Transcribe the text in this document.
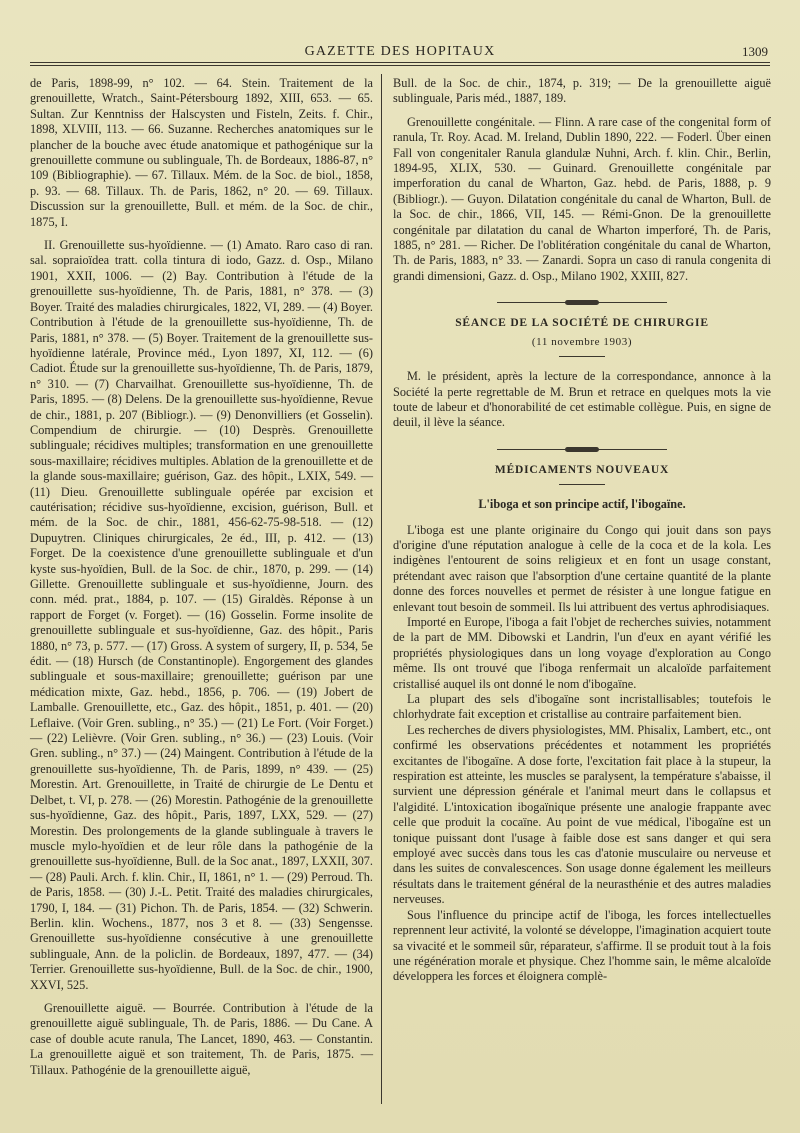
GAZETTE DES HOPITAUX	1309

de Paris, 1898-99, n° 102. — 64. Stein. Traitement de la grenouillette, Wratch., Saint-Pétersbourg 1892, XIII, 653. — 65. Sultan. Zur Kenntniss der Halscysten und Fisteln, Zeits. f. Chir., 1898, XLVIII, 113. — 66. Suzanne. Recherches anatomiques sur le plancher de la bouche avec étude anatomique et pathogénique sur la grenouillette commune ou sublinguale, Th. de Bordeaux, 1886-87, n° 109 (Bibliographie). — 67. Tillaux. Mém. de la Soc. de biol., 1858, p. 93. — 68. Tillaux. Th. de Paris, 1862, n° 20. — 69. Tillaux. Discussion sur la grenouillette, Bull. et mém. de la Soc. de chir., 1875, I.

II. Grenouillette sus-hyoïdienne. — (1) Amato. Raro caso di ran. sal. sopraioïdea tratt. colla tintura di iodo, Gazz. d. Osp., Milano 1901, XXII, 1006. — (2) Bay. Contribution à l'étude de la grenouillette sus-hyoïdienne, Th. de Paris, 1881, n° 378. — (3) Boyer. Traité des maladies chirurgicales, 1822, VI, 289. — (4) Boyer. Contribution à l'étude de la grenouillette sus-hyoïdienne, Th. de Paris, 1881, n° 378. — (5) Boyer. Traitement de la grenouillette sus-hyoïdienne latérale, Province méd., Lyon 1897, XI, 112. — (6) Cadiot. Étude sur la grenouillette sus-hyoïdienne, Th. de Paris, 1879, n° 310. — (7) Charvailhat. Grenouillette sus-hyoïdienne, Th. de Paris, 1895. — (8) Delens. De la grenouillette sus-hyoïdienne, Revue de chir., 1881, p. 207 (Bibliogr.). — (9) Denonvilliers (et Gosselin). Compendium de chirurgie. — (10) Desprès. Grenouillette sublinguale; récidives multiples; transformation en une grenouillette sous-maxillaire; récidives multiples. Ablation de la grenouillette et de la glande sous-maxillaire; guérison, Gaz. des hôpit., LXIX, 549. — (11) Dieu. Grenouillette sublinguale opérée par excision et cautérisation; récidive sus-hyoïdienne, excision, guérison, Bull. et mém. de la Soc. de chir., 1881, 456-62-75-98-518. — (12) Dupuytren. Cliniques chirurgicales, 2e éd., III, p. 412. — (13) Forget. De la coexistence d'une grenouillette sublinguale et d'un kyste sus-hyoïdien, Bull. de la Soc. de chir., 1870, p. 299. — (14) Gillette. Grenouillette sublinguale et sus-hyoïdienne, Journ. des conn. méd. prat., 1884, p. 107. — (15) Giraldès. Réponse à un rapport de Forget (v. Forget). — (16) Gosselin. Forme insolite de grenouillette sublinguale et sus-hyoïdienne, Gaz. des hôpit., Paris 1880, n° 73, p. 577. — (17) Gross. A system of surgery, II, p. 534, 5e édit. — (18) Hursch (de Constantinople). Engorgement des glandes sublinguale et sous-maxillaire; grenouillette; guérison par une médication mixte, Gaz. hebd., 1856, p. 706. — (19) Jobert de Lamballe. Grenouillette, etc., Gaz. des hôpit., 1851, p. 401. — (20) Leflaive. (Voir Gren. subling., n° 35.) — (21) Le Fort. (Voir Forget.) — (22) Lelièvre. (Voir Gren. subling., n° 36.) — (23) Louis. (Voir Gren. subling., n° 37.) — (24) Maingent. Contribution à l'étude de la grenouillette sus-hyoïdienne, Th. de Paris, 1899, n° 439. — (25) Morestin. Art. Grenouillette, in Traité de chirurgie de Le Dentu et Delbet, t. VI, p. 278. — (26) Morestin. Pathogénie de la grenouillette sus-hyoïdienne, Gaz. des hôpit., Paris, 1897, LXX, 529. — (27) Morestin. Des prolongements de la glande sublinguale à travers le muscle mylo-hyoïdien et de leur rôle dans la pathogénie de la grenouillette sus-hyoïdienne, Bull. de la Soc anat., 1897, LXXII, 307. — (28) Pauli. Arch. f. klin. Chir., II, 1861, n° 1. — (29) Perroud. Th. de Paris, 1858. — (30) J.-L. Petit. Traité des maladies chirurgicales, 1790, I, 184. — (31) Pichon. Th. de Paris, 1854. — (32) Schwerin. Berlin. klin. Wochens., 1877, nos 3 et 8. — (33) Sengensse. Grenouillette sus-hyoïdienne consécutive à une grenouillette sublinguale, Ann. de la policlin. de Bordeaux, 1897, 477. — (34) Terrier. Grenouillette sus-hyoïdienne, Bull. de la Soc. de chir., 1900, XXVI, 525.

Grenouillette aiguë. — Bourrée. Contribution à l'étude de la grenouillette aiguë sublinguale, Th. de Paris, 1886. — Du Cane. A case of double acute ranula, The Lancet, 1890, 463. — Constantin. La grenouillette aiguë et son traitement, Th. de Paris, 1875. — Tillaux. Pathogénie de la grenouillette aiguë,

Bull. de la Soc. de chir., 1874, p. 319; — De la grenouillette aiguë sublinguale, Paris méd., 1887, 189.

Grenouillette congénitale. — Flinn. A rare case of the congenital form of ranula, Tr. Roy. Acad. M. Ireland, Dublin 1890, 222. — Foderl. Über einen Fall von congenitaler Ranula glandulæ Nuhni, Arch. f. klin. Chir., Berlin, 1894-95, XLIX, 530. — Guinard. Grenouillette congénitale par imperforation du canal de Wharton, Gaz. hebd. de Paris, 1888, p. 9 (Bibliogr.). — Guyon. Dilatation congénitale du canal de Wharton, Bull. de la Soc. de chir., 1866, VII, 145. — Rémi-Gnon. De la grenouillette congénitale par dilatation du canal de Wharton imperforé, Th. de Paris, 1885, n° 281. — Richer. De l'oblitération congénitale du canal de Wharton, Th. de Paris, 1883, n° 33. — Zanardi. Sopra un caso di ranula congenita di grandi dimensioni, Gazz. d. Osp., Milano 1902, XXIII, 827.

SÉANCE DE LA SOCIÉTÉ DE CHIRURGIE
(11 novembre 1903)

M. le président, après la lecture de la correspondance, annonce à la Société la perte regrettable de M. Brun et retrace en quelques mots la vie toute de labeur et d'honorabilité de cet estimable collègue. Puis, en signe de deuil, il lève la séance.

MÉDICAMENTS NOUVEAUX
L'iboga et son principe actif, l'ibogaïne.

L'iboga est une plante originaire du Congo qui jouit dans son pays d'origine d'une réputation analogue à celle de la coca et de la kola. Les indigènes l'entourent de soins religieux et en font un usage constant, prétendant avec raison que l'absorption d'une certaine quantité de la plante donne des forces nouvelles et permet de résister à une longue fatigue en enlevant tout besoin de sommeil. Ils lui attribuent des vertus aphrodisiaques.

Importé en Europe, l'iboga a fait l'objet de recherches suivies, notamment de la part de MM. Dibowski et Landrin, l'un d'eux en ayant vérifié les propriétés physiologiques dans un long voyage d'exploration au Congo même. Ils ont trouvé que l'iboga renfermait un alcaloïde parfaitement cristallisé auquel ils ont donné le nom d'ibogaïne.

La plupart des sels d'ibogaïne sont incristallisables; toutefois le chlorhydrate fait exception et cristallise au contraire parfaitement bien.

Les recherches de divers physiologistes, MM. Phisalix, Lambert, etc., ont confirmé les observations précédentes et notamment les propriétés excitantes de l'ibogaïne. A dose forte, l'excitation fait place à la stupeur, la respiration est atteinte, les muscles se paralysent, la température s'abaisse, il survient une dépression générale et l'animal meurt dans le collapsus et l'algidité. L'intoxication ibogaïnique présente une analogie frappante avec celle que produit la cocaïne. Au point de vue médical, l'ibogaïne est un tonique puissant dont l'usage à faible dose est sans danger et qui sera employé avec succès dans tous les cas d'atonie musculaire ou nerveuse et dans les suites de convalescences. Son usage donne également les meilleurs résultats dans le traitement général de la neurasthénie et des autres maladies nerveuses.

Sous l'influence du principe actif de l'iboga, les forces intellectuelles reprennent leur activité, la volonté se développe, l'imagination acquiert toute sa vivacité et le sommeil sûr, réparateur, s'affirme. Il se produit tout à la fois une régénération morale et physique. Chez l'homme sain, le même alcaloïde développera les forces et éloignera complè-
